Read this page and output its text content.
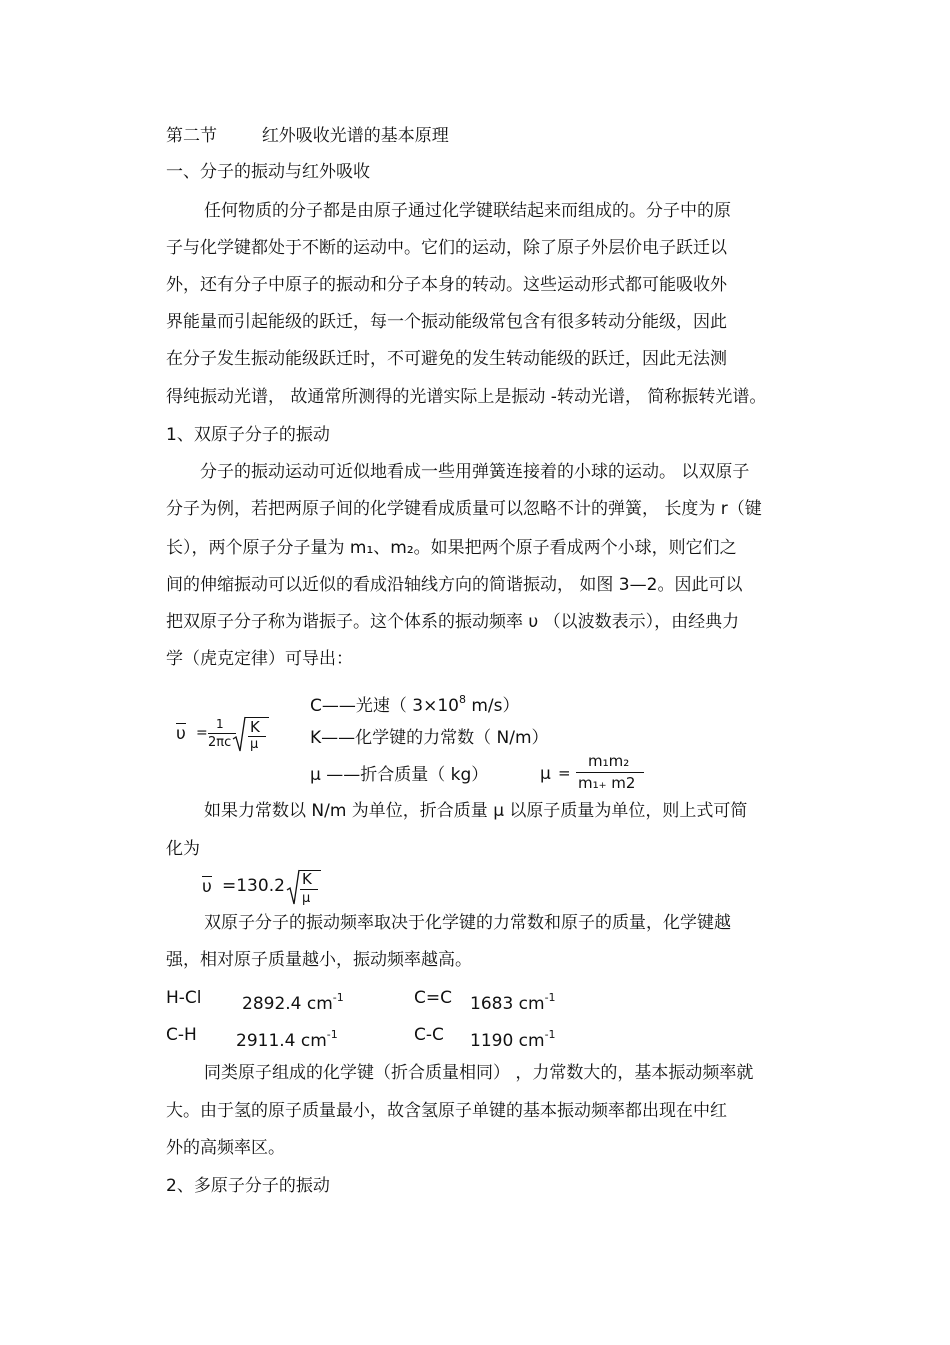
第二节	红外吸收光谱的基本原理
一、分子的振动与红外吸收
任何物质的分子都是由原子通过化学键联结起来而组成的。分子中的原
子与化学键都处于不断的运动中。它们的运动，除了原子外层价电子跃迁以
外，还有分子中原子的振动和分子本身的转动。这些运动形式都可能吸收外
界能量而引起能级的跃迁，每一个振动能级常包含有很多转动分能级，因此
在分子发生振动能级跃迁时，不可避免的发生转动能级的跃迁，因此无法测
得纯振动光谱， 故通常所测得的光谱实际上是振动 -转动光谱， 简称振转光谱。
1、双原子分子的振动
分子的振动运动可近似地看成一些用弹簧连接着的小球的运动。 以双原子
分子为例，若把两原子间的化学键看成质量可以忽略不计的弹簧， 长度为 r（键
长），两个原子分子量为 m₁、m₂。如果把两个原子看成两个小球，则它们之
间的伸缩振动可以近似的看成沿轴线方向的简谐振动， 如图 3—2。因此可以
把双原子分子称为谐振子。这个体系的振动频率 υ （以波数表示），由经典力
学（虎克定律）可导出：
υ =
1
2πc
K
μ
C——光速（ $3\times 10^8$ m/s）
K——化学键的力常数（ N/m）
μ ——折合质量（ kg）	μ =
m₁m₂
m₁₊ m2
如果力常数以 N/m 为单位，折合质量 μ 以原子质量为单位，则上式可简
化为
υ =130.2 K
μ
双原子分子的振动频率取决于化学键的力常数和原子的质量，化学键越
强，相对原子质量越小，振动频率越高。
H-Cl 2892.4 $cm^{-1}$	C=C 1683 $cm^{-1}$
C-H 2911.4 $cm^{-1}$	C-C 1190 $cm^{-1}$
同类原子组成的化学键（折合质量相同） ，力常数大的，基本振动频率就
大。由于氢的原子质量最小，故含氢原子单键的基本振动频率都出现在中红
外的高频率区。
2、多原子分子的振动
